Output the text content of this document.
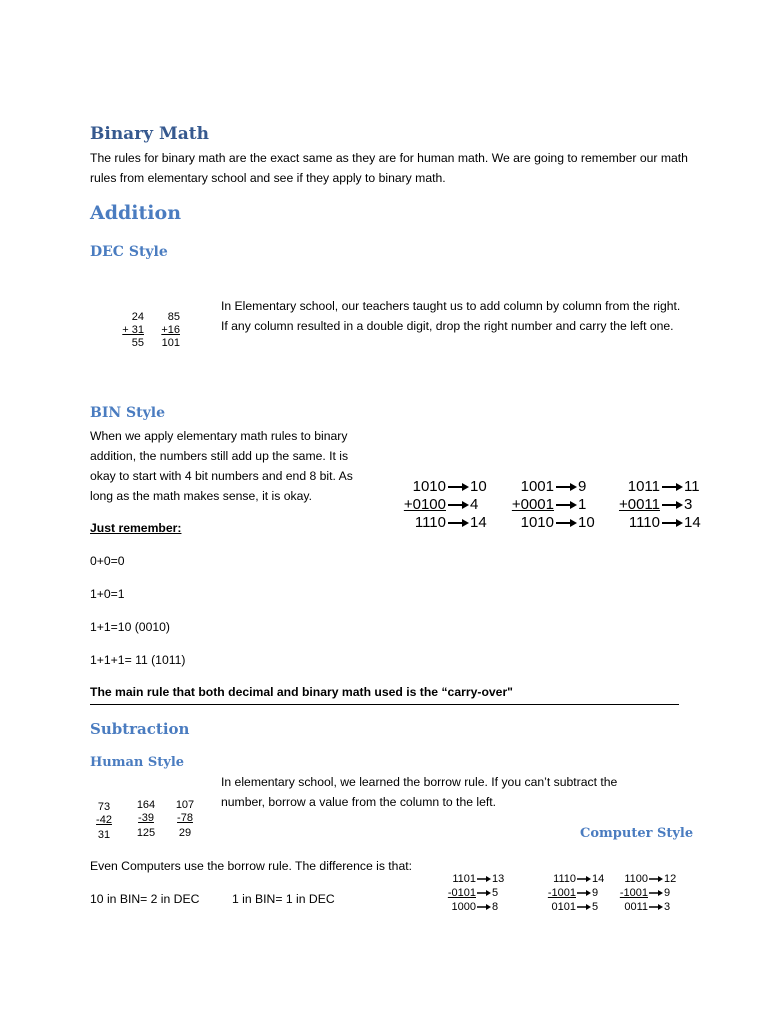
Binary Math
The rules for binary math are the exact same as they are for human math. We are going to remember our math rules from elementary school and see if they apply to binary math.
Addition
DEC Style
24
+ 31
55
85
+16
101
In Elementary school, our teachers taught us to add column by column from the right. If any column resulted in a double digit, drop the right number and carry the left one.
BIN Style
When we apply elementary math rules to binary addition, the numbers still add up the same. It is okay to start with 4 bit numbers and end 8 bit. As long as the math makes sense, it is okay.
Just remember:
0+0=0
1+0=1
1+1=10 (0010)
1+1+1= 11 (1011)
The main rule that both decimal and binary math used is the “carry-over"
1010 10
+0100 4
1110 14
1001 9
+0001 1
1010 10
1011 11
+0011 3
1110 14
Subtraction
Human Style
In elementary school, we learned the borrow rule. If you can’t subtract the number, borrow a value from the column to the left.
73
-42
31
164
-39
125
107
-78
29	Computer Style
Even Computers use the borrow rule. The difference is that:
10 in BIN= 2 in DEC	1 in BIN= 1 in DEC
1101 13
-0101 5
1000 8
1110 14
-1001 9
0101 5
1100 12
-1001 9
0011 3
